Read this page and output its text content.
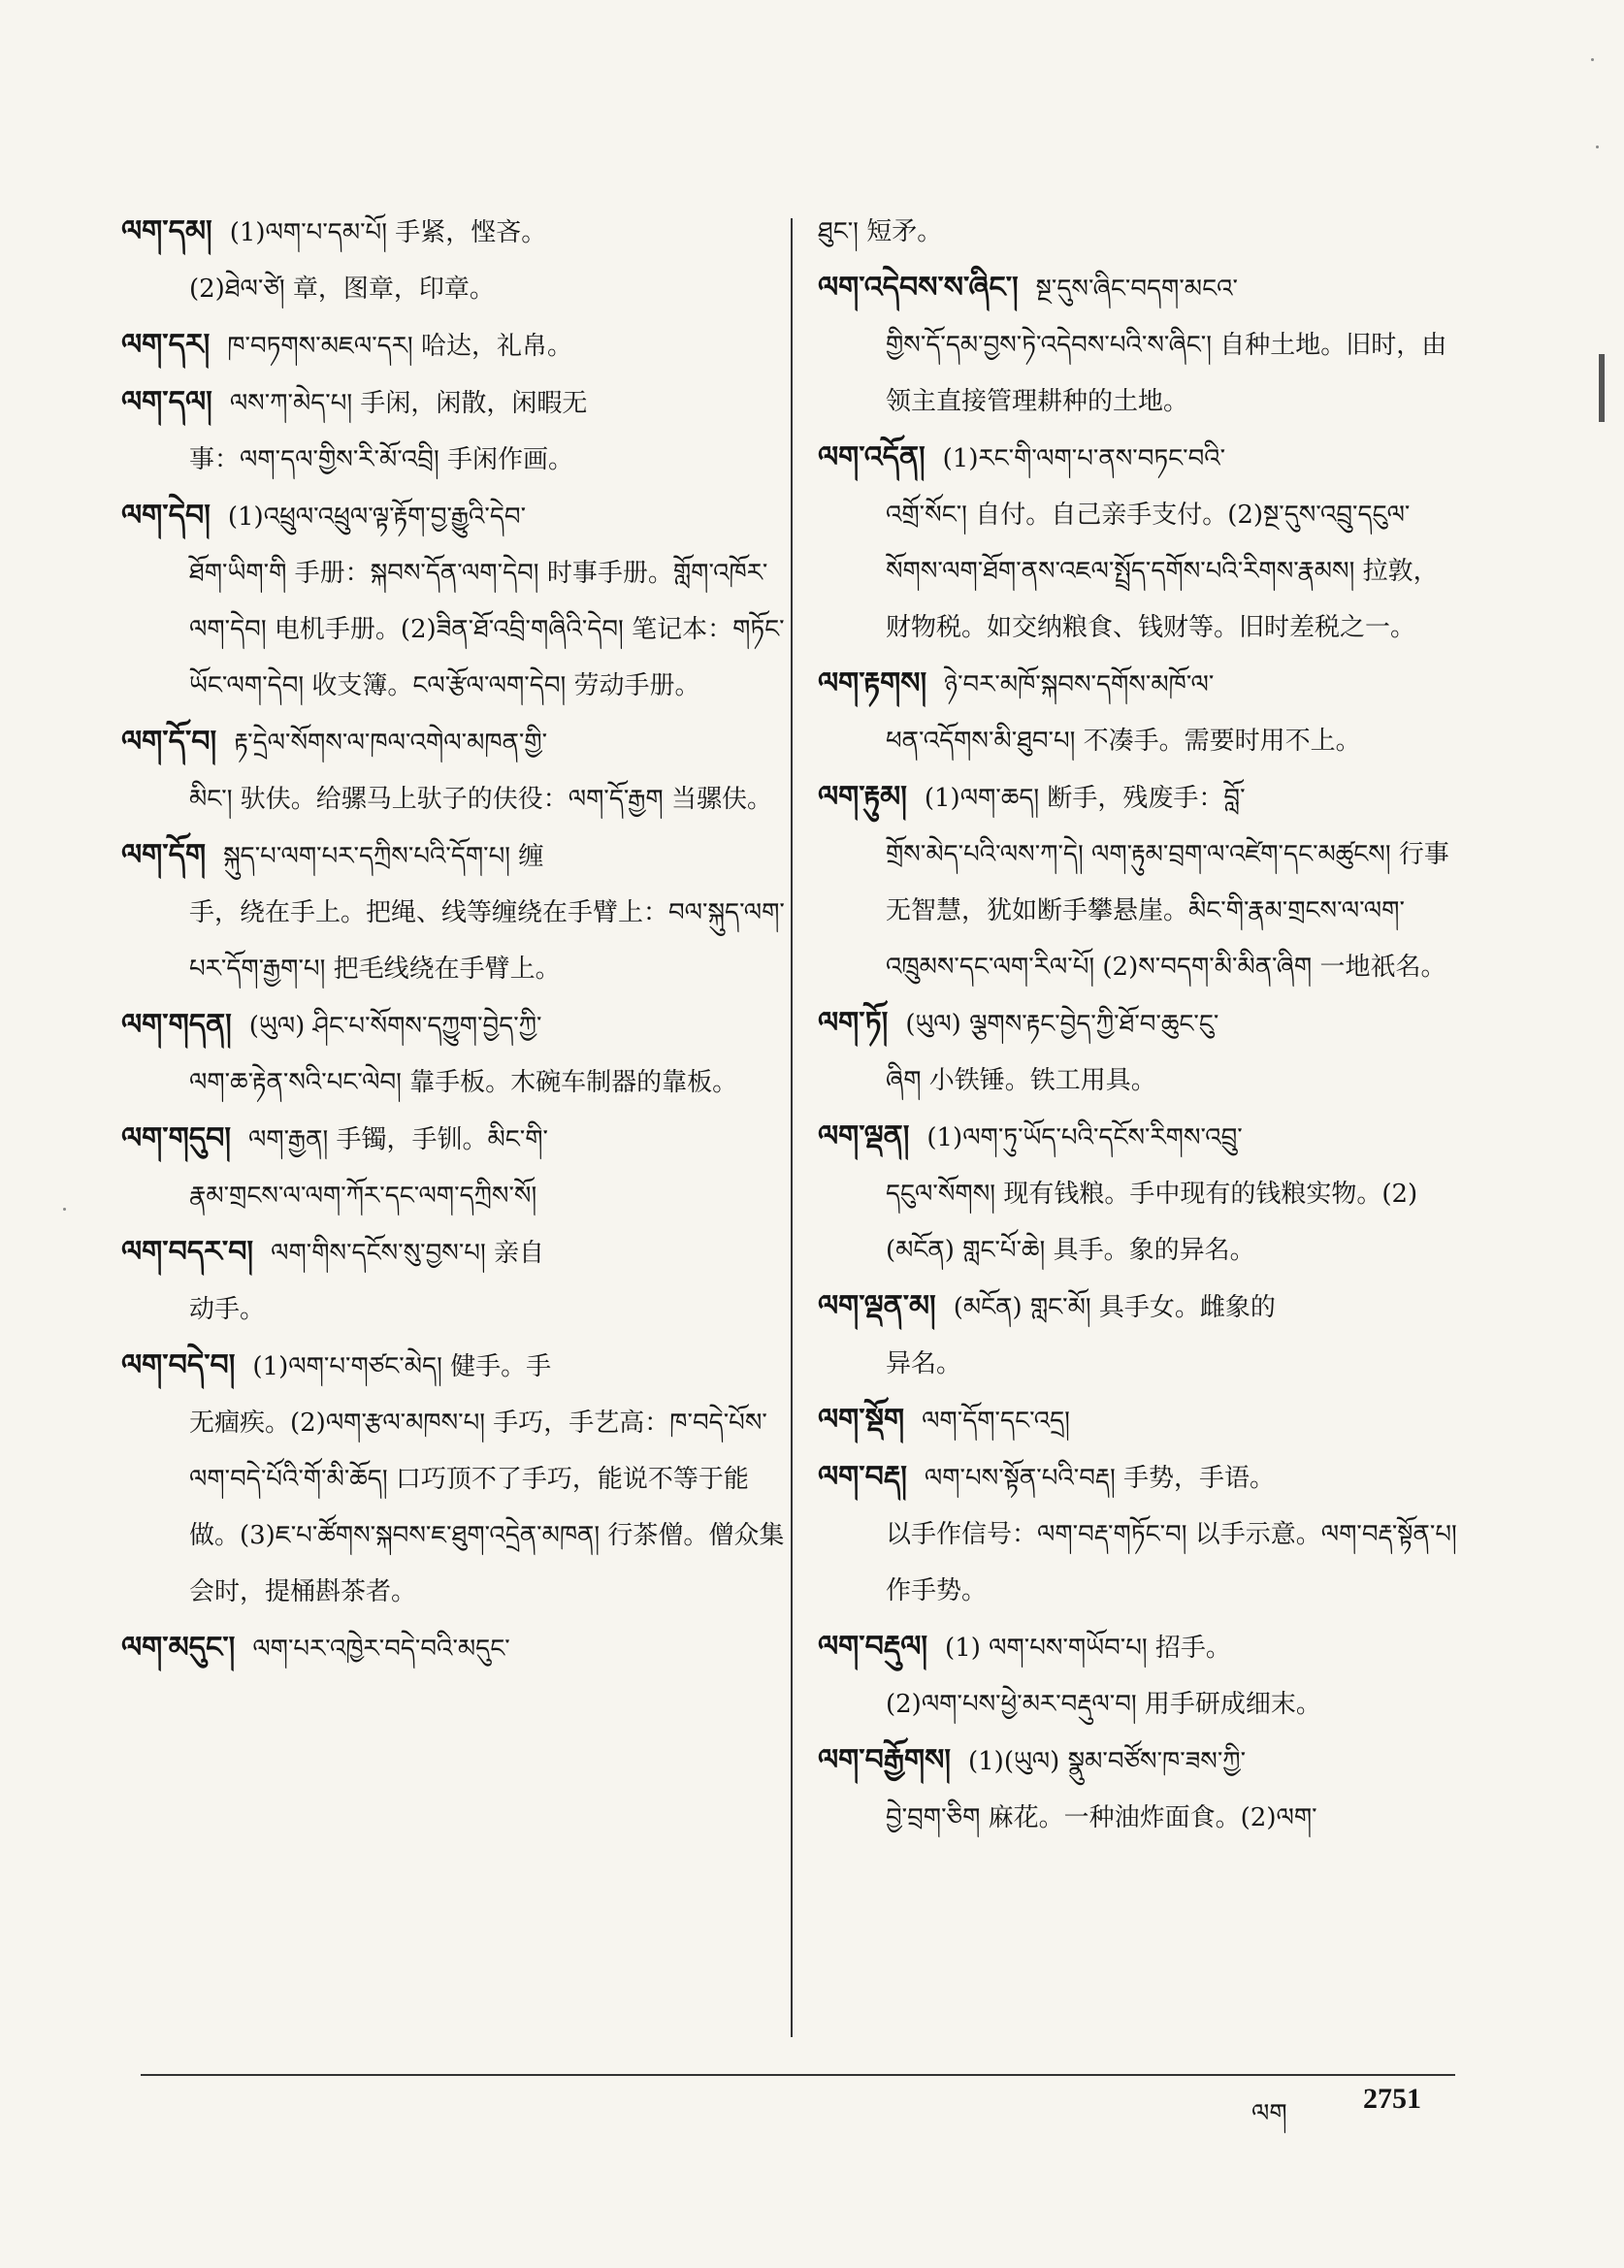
ལག་དམ། (1)ལག་པ་དམ་པོ། 手紧，悭吝。
(2)ཐེལ་ཙེ། 章，图章，印章。

ལག་དར། ཁ་བཏགས་མཇལ་དར། 哈达，礼帛。

ལག་དལ། ལས་ཀ་མེད་པ། 手闲，闲散，闲暇无
事：ལག་དལ་གྱིས་རི་མོ་འབྲི། 手闲作画。

ལག་དེབ། (1)འཕྲུལ་འཕྲུལ་ལྟ་རྟོག་བྱ་རྒྱུའི་དེབ་
ཐོག་ཡིག་གི 手册：སྐབས་དོན་ལག་དེབ། 时事手册。གློག་འཁོར་ལག་དེབ། 电机手册。(2)ཟིན་ཐོ་འབྲི་གཞིའི་དེབ། 笔记本：གཏོང་ཡོང་ལག་དེབ། 收支簿。ངལ་རྩོལ་ལག་དེབ། 劳动手册。

ལག་དོ་བ། རྟ་དྲེལ་སོགས་ལ་ཁལ་འགེལ་མཁན་གྱི་
མིང་། 驮伕。给骡马上驮子的伕役：ལག་དོ་རྒྱག 当骡伕。

ལག་དོག སྐུད་པ་ལག་པར་དཀྲིས་པའི་དོག་པ། 缠
手，绕在手上。把绳、线等缠绕在手臂上：བལ་སྐུད་ལག་པར་དོག་རྒྱག་པ། 把毛线绕在手臂上。

ལག་གདན། (ཡུལ) ཤིང་པ་སོགས་དཀྱུག་བྱེད་ཀྱི་
ལག་ཆ་རྟེན་སའི་པང་ལེབ། 靠手板。木碗车制器的靠板。

ལག་གདུབ། ལག་རྒྱན། 手镯，手钏。མིང་གི་
རྣམ་གྲངས་ལ་ལག་ཀོར་དང་ལག་དཀྲིས་སོ།

ལག་བདར་བ། ལག་གིས་དངོས་སུ་བྱས་པ། 亲自
动手。

ལག་བདེ་བ། (1)ལག་པ་གཙང་མེད། 健手。手
无痼疾。(2)ལག་རྩལ་མཁས་པ། 手巧，手艺高：ཁ་བདེ་པོས་ལག་བདེ་པོའི་གོ་མི་ཆོད། 口巧顶不了手巧，能说不等于能做。(3)ཇ་པ་ཚོགས་སྐབས་ཇ་ཐུག་འདྲེན་མཁན། 行茶僧。僧众集会时，提桶斟茶者。

ལག་མདུང་། ལག་པར་འཁྱེར་བདེ་བའི་མདུང་

ཐུང་། 短矛。

ལག་འདེབས་ས་ཞིང་། སྔ་དུས་ཞིང་བདག་མངའ་
གྱིས་དོ་དམ་བྱས་ཏེ་འདེབས་པའི་ས་ཞིང་། 自种土地。旧时，由领主直接管理耕种的土地。

ལག་འདོན། (1)རང་གི་ལག་པ་ནས་བཏང་བའི་
འགྲོ་སོང་། 自付。自己亲手支付。(2)སྔ་དུས་འབྲུ་དངུལ་སོགས་ལག་ཐོག་ནས་འཇལ་སྤྲོད་དགོས་པའི་རིགས་རྣམས། 拉敦，财物税。如交纳粮食、钱财等。旧时差税之一。

ལག་རྟགས། ཉེ་བར་མཁོ་སྐབས་དགོས་མཁོ་ལ་
ཕན་འདོགས་མི་ཐུབ་པ། 不凑手。需要时用不上。

ལག་རྟུམ། (1)ལག་ཆད། 断手，残废手：བློ་
གྲོས་མེད་པའི་ལས་ཀ་དེ། ལག་རྟུམ་བྲག་ལ་འཛེག་དང་མཚུངས། 行事无智慧，犹如断手攀悬崖。མིང་གི་རྣམ་གྲངས་ལ་ལག་འཁྲུམས་དང་ལག་རིལ་པོ། (2)ས་བདག་མི་མིན་ཞིག 一地祇名。

ལག་ཏོ། (ཡུལ) ལྕགས་རྟང་བྱེད་ཀྱི་ཐོ་བ་ཆུང་ངུ་
ཞིག 小铁锤。铁工用具。

ལག་ལྡན། (1)ལག་ཏུ་ཡོད་པའི་དངོས་རིགས་འབྲུ་
དངུལ་སོགས། 现有钱粮。手中现有的钱粮实物。(2)(མངོན) གླང་པོ་ཆེ། 具手。象的异名。

ལག་ལྡན་མ། (མངོན) གླང་མོ། 具手女。雌象的
异名。

ལག་སྡོག ལག་དོག་དང་འདྲ།

ལག་བརྡ། ལག་པས་སྟོན་པའི་བརྡ། 手势，手语。
以手作信号：ལག་བརྡ་གཏོང་བ། 以手示意。ལག་བརྡ་སྟོན་པ། 作手势。

ལག་བརྡུལ། (1) ལག་པས་གཡོབ་པ། 招手。
(2)ལག་པས་ཕྱེ་མར་བརྡུལ་བ། 用手研成细末。

ལག་བརྒྱོགས། (1)(ཡུལ) སྣུམ་བཙོས་ཁ་ཟས་ཀྱི་
བྱེ་བྲག་ཅིག 麻花。一种油炸面食。(2)ལག་

ལག	2751
